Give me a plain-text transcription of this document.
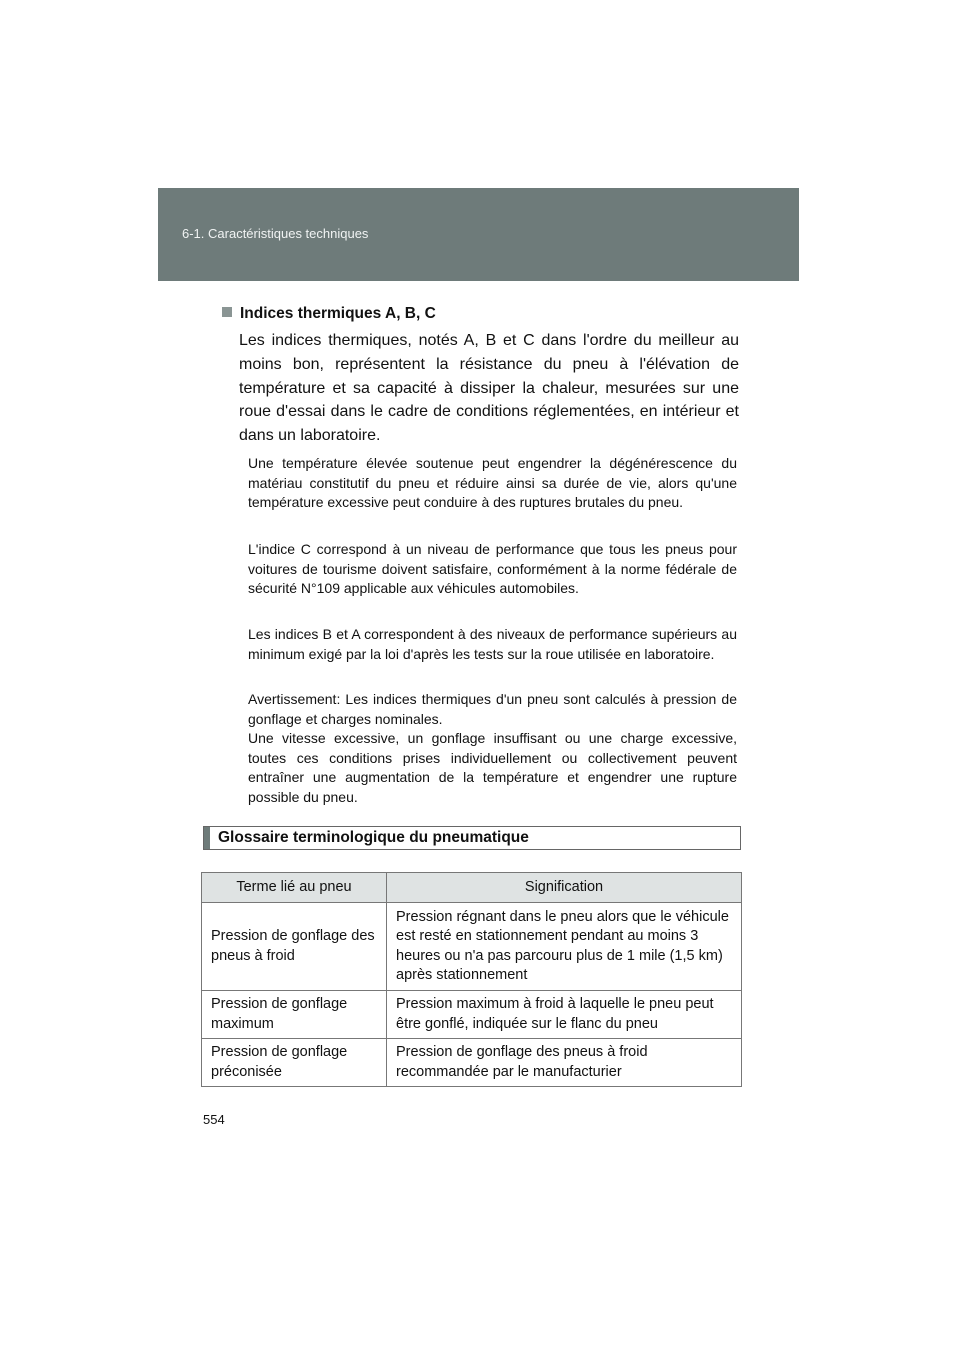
6-1. Caractéristiques techniques
Indices thermiques A, B, C
Les indices thermiques, notés A, B et C dans l'ordre du meilleur au moins bon, représentent la résistance du pneu à l'élévation de température et sa capacité à dissiper la chaleur, mesurées sur une roue d'essai dans le cadre de conditions réglementées, en intérieur et dans un laboratoire.
Une température élevée soutenue peut engendrer la dégénérescence du matériau constitutif du pneu et réduire ainsi sa durée de vie, alors qu'une température excessive peut conduire à des ruptures brutales du pneu.
L'indice C correspond à un niveau de performance que tous les pneus pour voitures de tourisme doivent satisfaire, conformément à la norme fédérale de sécurité N°109 applicable aux véhicules automobiles.
Les indices B et A correspondent à des niveaux de performance supérieurs au minimum exigé par la loi d'après les tests sur la roue utilisée en laboratoire.
Avertissement: Les indices thermiques d'un pneu sont calculés à pression de gonflage et charges nominales.
Une vitesse excessive, un gonflage insuffisant ou une charge excessive, toutes ces conditions prises individuellement ou collectivement peuvent entraîner une augmentation de la température et engendrer une rupture possible du pneu.
Glossaire terminologique du pneumatique
Terme lié au pneu	Signification
Pression de gonflage des pneus à froid	Pression régnant dans le pneu alors que le véhicule est resté en stationnement pendant au moins 3 heures ou n'a pas parcouru plus de 1 mile (1,5 km) après stationnement
Pression de gonflage maximum	Pression maximum à froid à laquelle le pneu peut être gonflé, indiquée sur le flanc du pneu
Pression de gonflage préconisée	Pression de gonflage des pneus à froid recommandée par le manufacturier
554
